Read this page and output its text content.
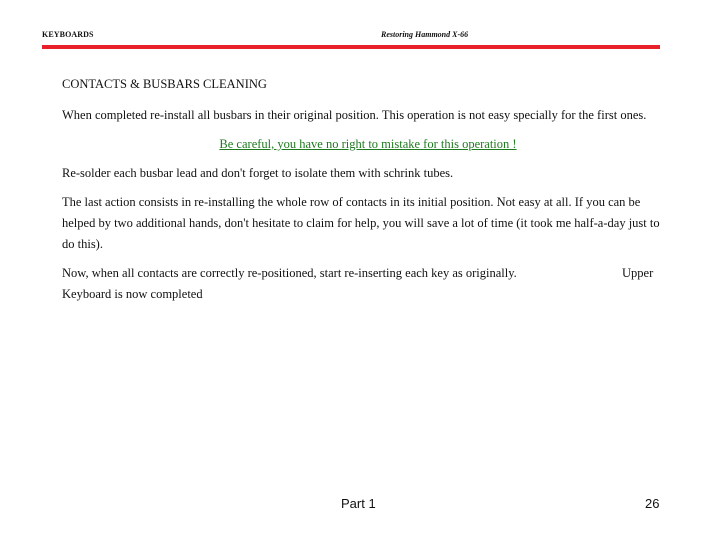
KEYBOARDS	Restoring Hammond X-66
CONTACTS & BUSBARS CLEANING
When completed re-install all busbars in their original position. This operation is not easy specially for the first ones.
Be careful, you have no right to mistake for this operation !
Re-solder each busbar lead and don't forget to isolate them with schrink tubes.
The last action consists in re-installing the whole row of contacts in its initial position. Not easy at all. If you can be helped by two additional hands, don't hesitate to claim for help, you will save a lot of time (it took me half-a-day just to do this).
Now, when all contacts are correctly re-positioned, start re-inserting each key as originally.	Upper
Keyboard is now completed
Part 1	26
